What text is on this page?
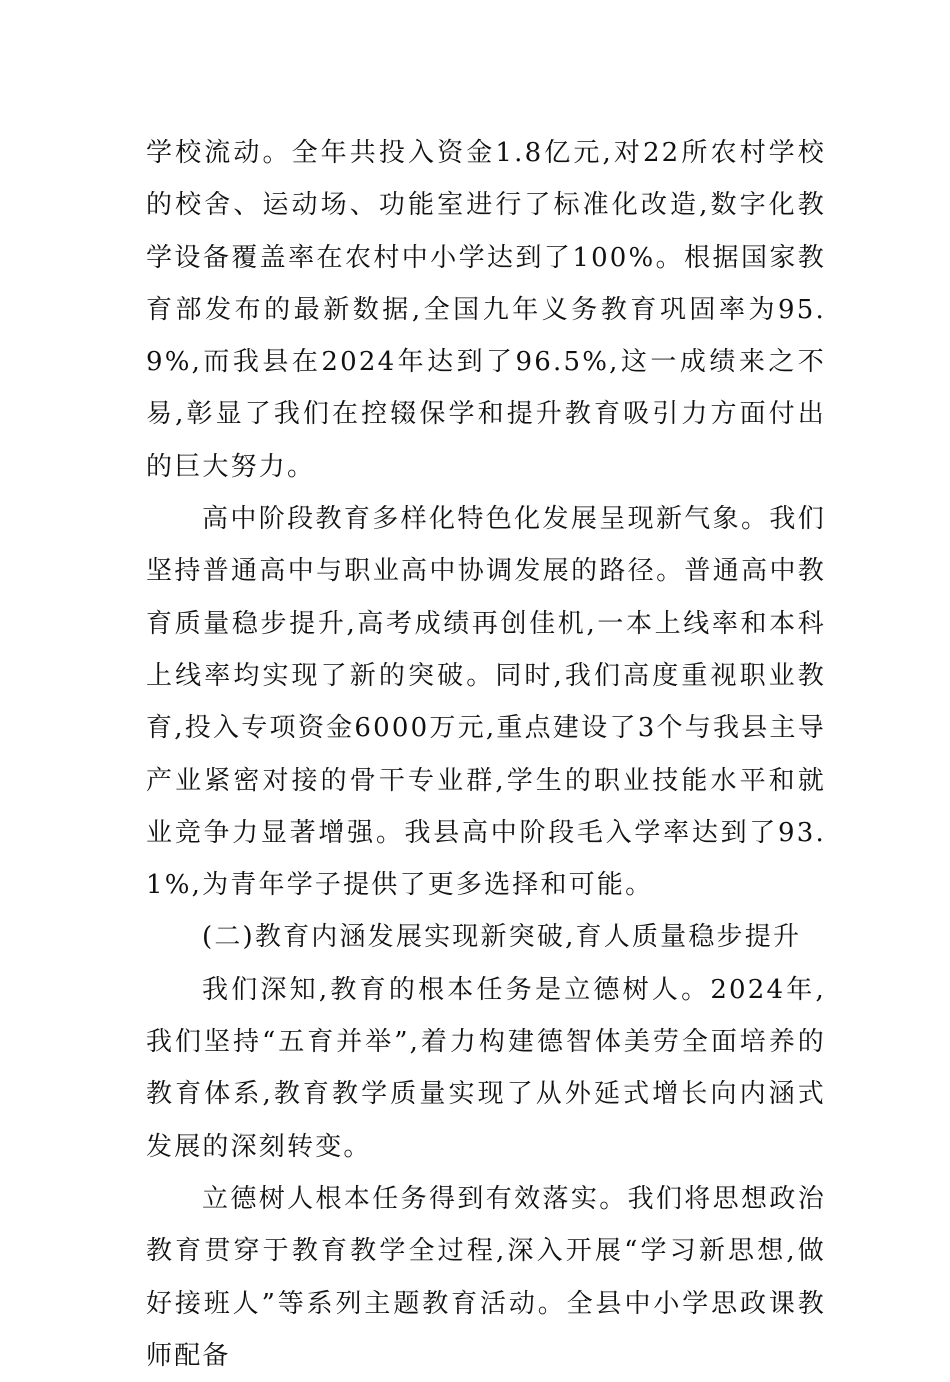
学校流动。全年共投入资金1.8亿元,对22所农村学校的校舍、运动场、功能室进行了标准化改造,数字化教学设备覆盖率在农村中小学达到了100%。根据国家教育部发布的最新数据,全国九年义务教育巩固率为95.9%,而我县在2024年达到了96.5%,这一成绩来之不易,彰显了我们在控辍保学和提升教育吸引力方面付出的巨大努力。

高中阶段教育多样化特色化发展呈现新气象。我们坚持普通高中与职业高中协调发展的路径。普通高中教育质量稳步提升,高考成绩再创佳机,一本上线率和本科上线率均实现了新的突破。同时,我们高度重视职业教育,投入专项资金6000万元,重点建设了3个与我县主导产业紧密对接的骨干专业群,学生的职业技能水平和就业竞争力显著增强。我县高中阶段毛入学率达到了93.1%,为青年学子提供了更多选择和可能。

(二)教育内涵发展实现新突破,育人质量稳步提升

我们深知,教育的根本任务是立德树人。2024年,我们坚持“五育并举”,着力构建德智体美劳全面培养的教育体系,教育教学质量实现了从外延式增长向内涵式发展的深刻转变。

立德树人根本任务得到有效落实。我们将思想政治教育贯穿于教育教学全过程,深入开展“学习新思想,做好接班人”等系列主题教育活动。全县中小学思政课教师配备
